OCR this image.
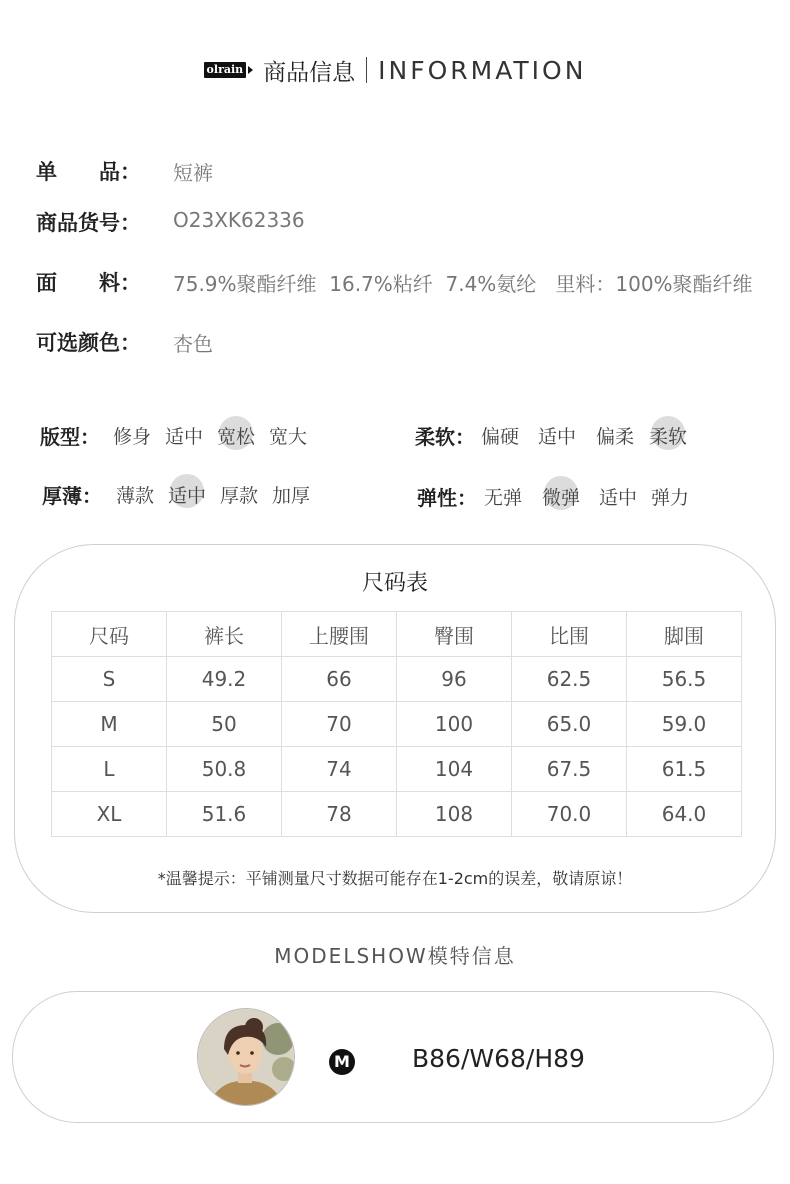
olrain 商品信息 INFORMATION
单　　品： 短裤
商品货号： O23XK62336
面　　料： 75.9%聚酯纤维  16.7%粘纤  7.4%氨纶   里料：100%聚酯纤维
可选颜色： 杏色
版型： 修身 适中 宽松 宽大	柔软： 偏硬 适中 偏柔 柔软
厚薄： 薄款 适中 厚款 加厚	弹性： 无弹 微弹 适中 弹力
尺码表
尺码	裤长	上腰围	臀围	比围	脚围
S	49.2	66	96	62.5	56.5
M	50	70	100	65.0	59.0
L	50.8	74	104	67.5	61.5
XL	51.6	78	108	70.0	64.0
*温馨提示：平铺测量尺寸数据可能存在1-2cm的误差，敬请原谅！
MODELSHOW模特信息
M B86/W68/H89
